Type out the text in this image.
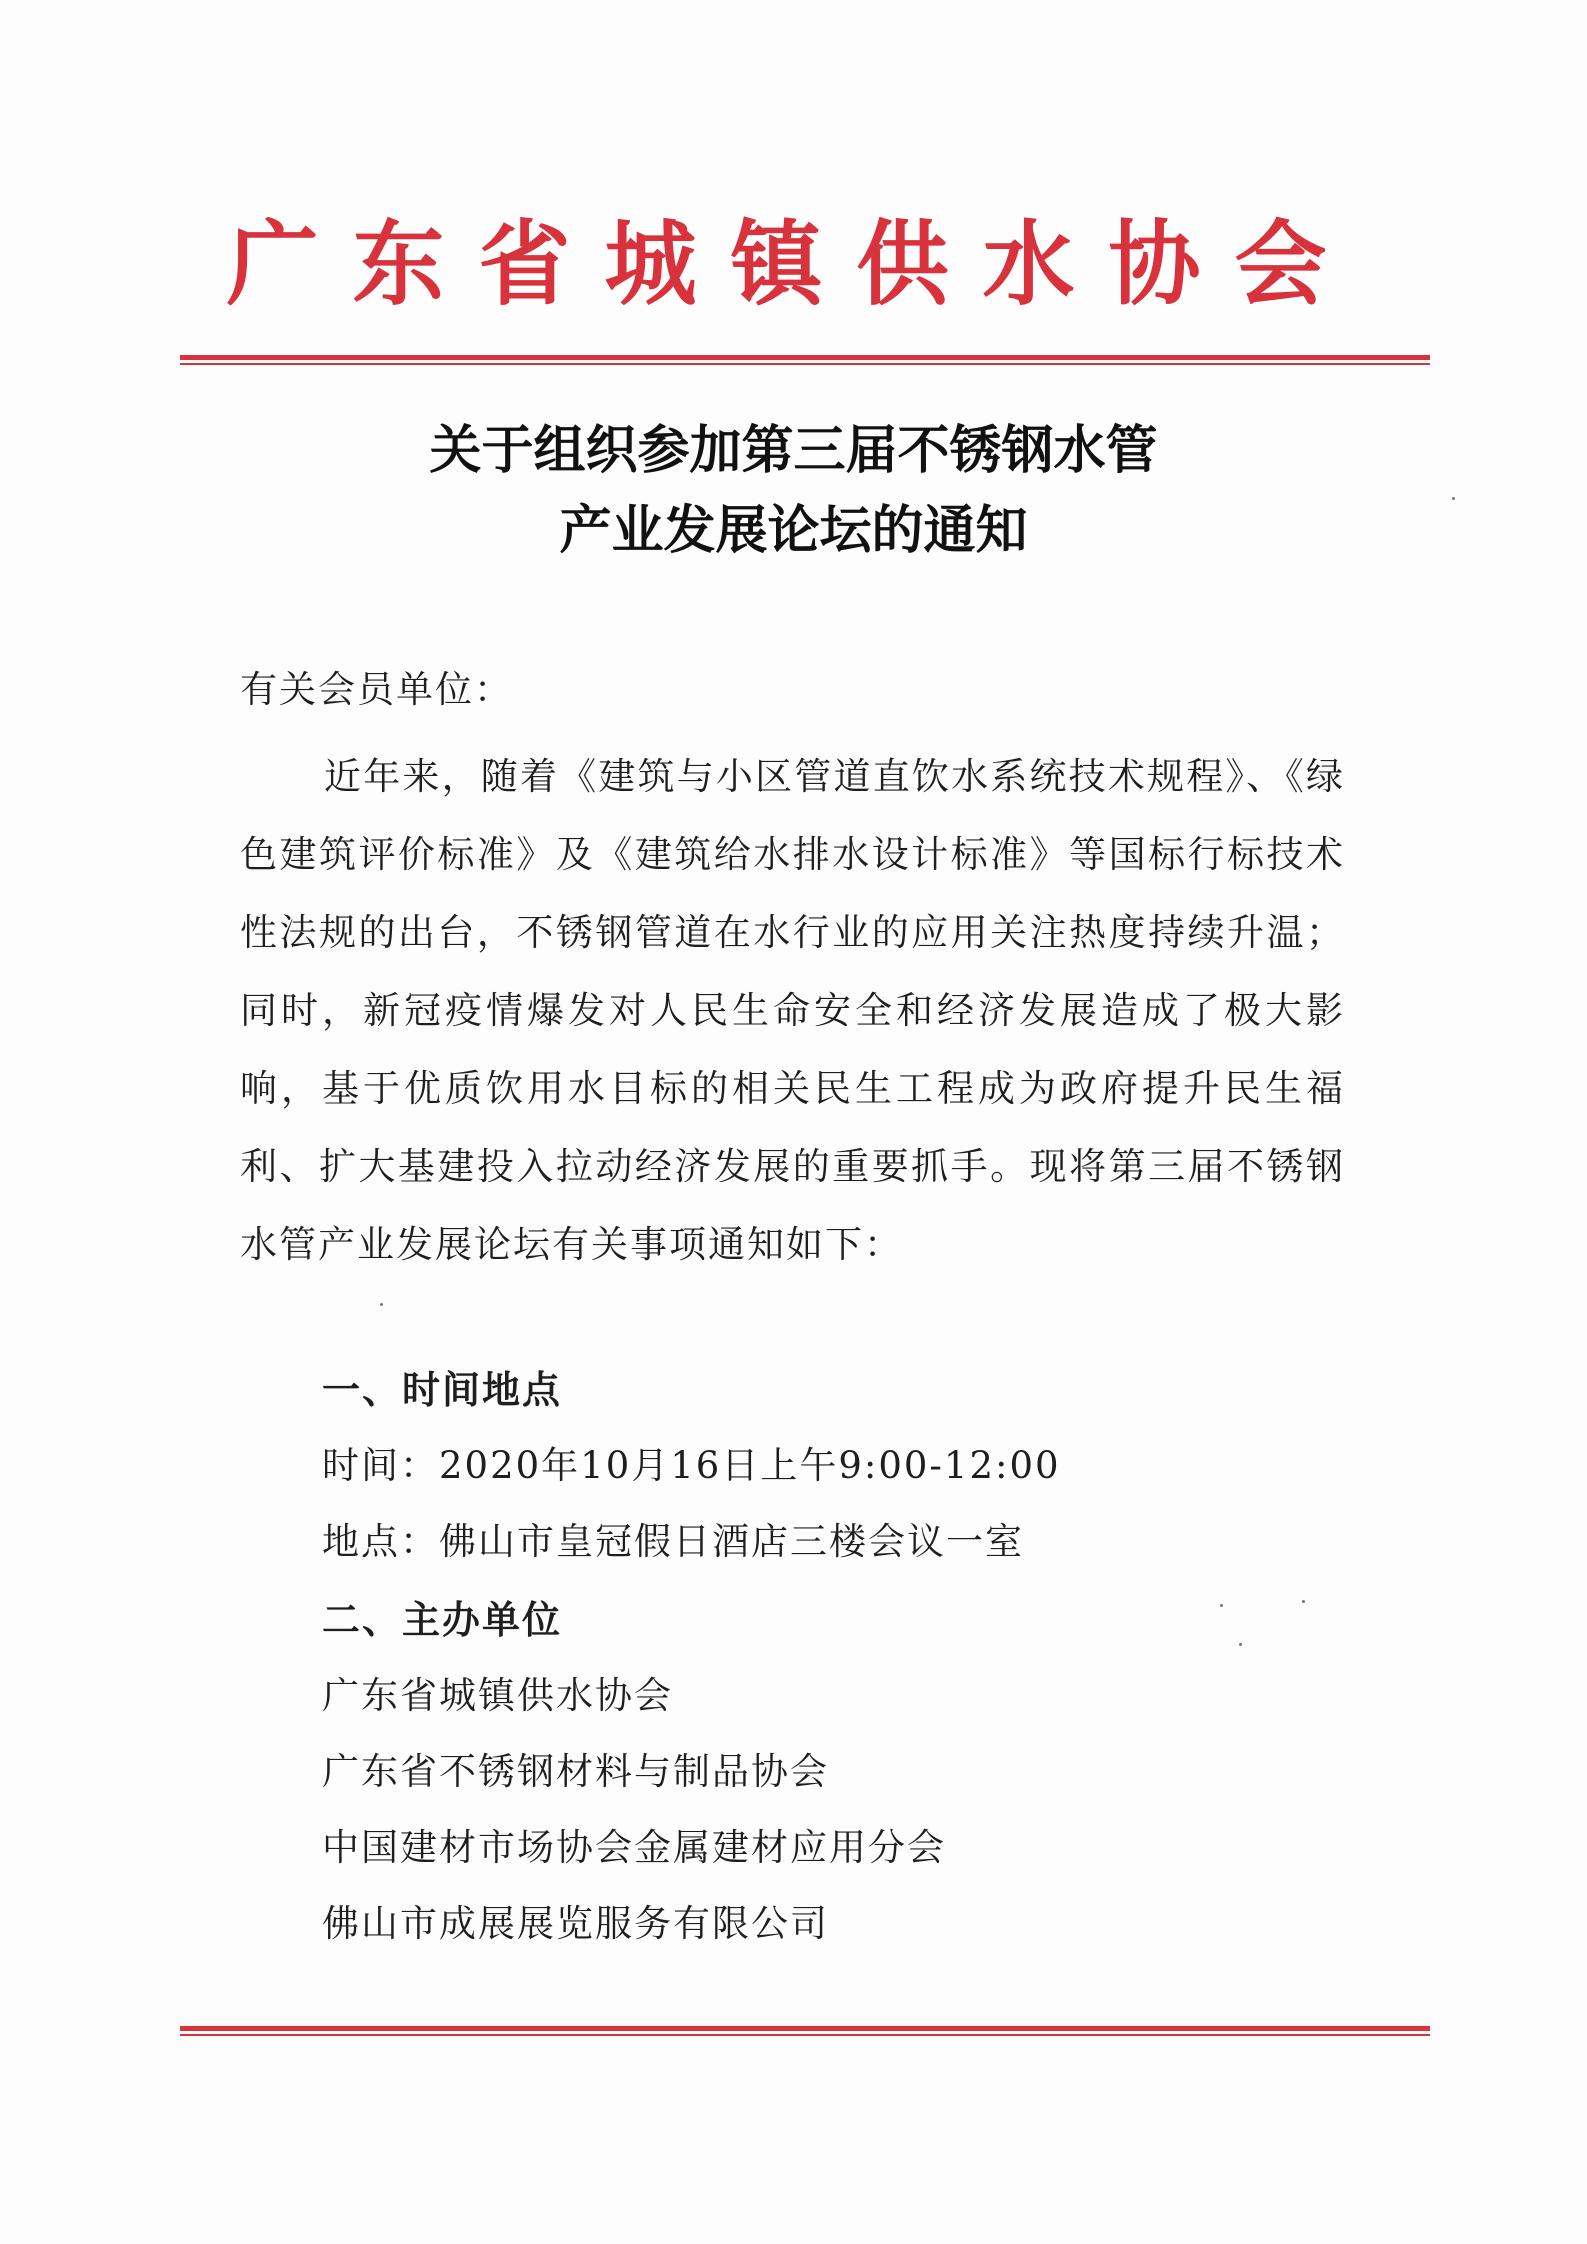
广东省城镇供水协会
关于组织参加第三届不锈钢水管
产业发展论坛的通知
有关会员单位：
近年来，随着《建筑与小区管道直饮水系统技术规程》、《绿色建筑评价标准》及《建筑给水排水设计标准》等国标行标技术性法规的出台，不锈钢管道在水行业的应用关注热度持续升温；同时，新冠疫情爆发对人民生命安全和经济发展造成了极大影响，基于优质饮用水目标的相关民生工程成为政府提升民生福利、扩大基建投入拉动经济发展的重要抓手。现将第三届不锈钢水管产业发展论坛有关事项通知如下：
一、时间地点
时间：2020年10月16日上午9:00-12:00
地点：佛山市皇冠假日酒店三楼会议一室
二、主办单位
广东省城镇供水协会
广东省不锈钢材料与制品协会
中国建材市场协会金属建材应用分会
佛山市成展展览服务有限公司
